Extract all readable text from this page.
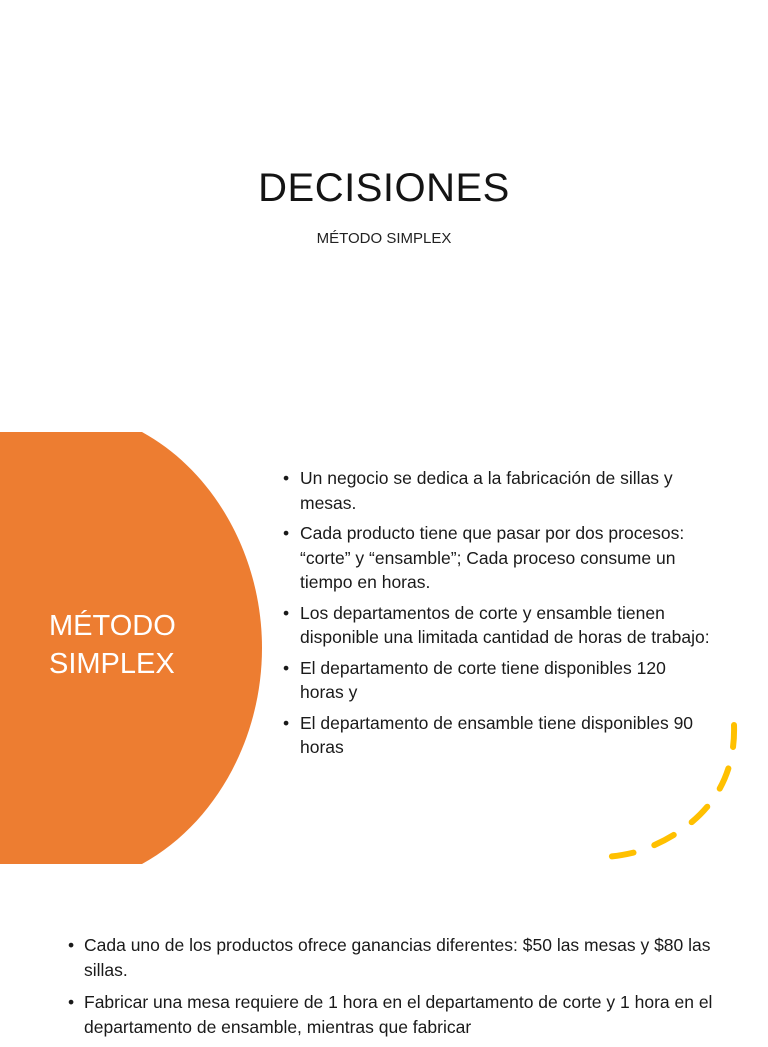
DECISIONES
MÉTODO SIMPLEX
MÉTODO
SIMPLEX
• Un negocio se dedica a la fabricación de sillas y mesas.
• Cada producto tiene que pasar por dos procesos: “corte” y “ensamble”; Cada proceso consume un tiempo en horas.
• Los departamentos de corte y ensamble tienen disponible una limitada cantidad de horas de trabajo:
• El departamento de corte tiene disponibles 120 horas y
• El departamento de ensamble tiene disponibles 90 horas
• Cada uno de los productos ofrece ganancias diferentes: $50 las mesas y $80 las sillas.
• Fabricar una mesa requiere de 1 hora en el departamento de corte y 1 hora en el departamento de ensamble, mientras que fabricar
